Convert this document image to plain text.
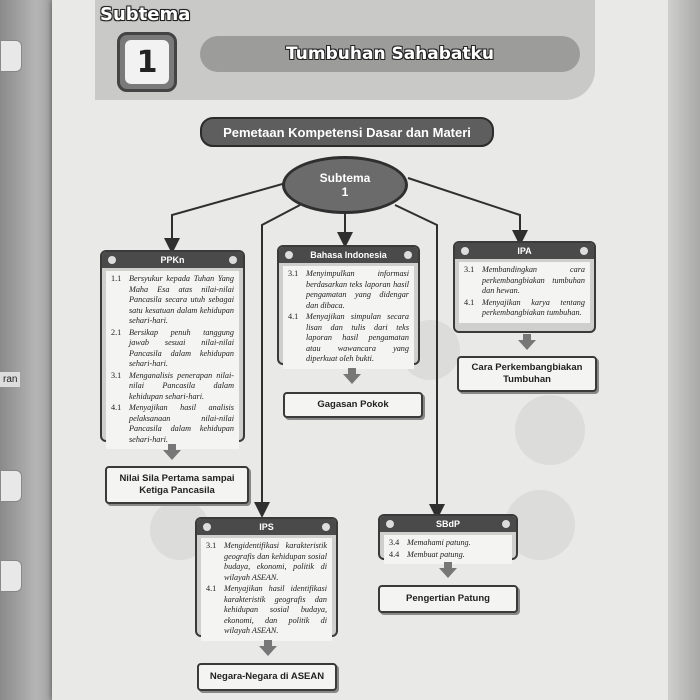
ran
Subtema
1	Tumbuhan Sahabatku
Pemetaan Kompetensi Dasar dan Materi
Subtema
1
PPKn
1.1 Bersyukur kepada Tuhan Yang Maha Esa atas nilai-nilai Pancasila secara utuh sebagai satu kesatuan dalam kehidupan sehari-hari.
2.1 Bersikap penuh tanggung jawab sesuai nilai-nilai Pancasila dalam kehidupan sehari-hari.
3.1 Menganalisis penerapan nilai-nilai Pancasila dalam kehidupan sehari-hari.
4.1 Menyajikan hasil analisis pelaksanaan nilai-nilai Pancasila dalam kehidupan sehari-hari.
Nilai Sila Pertama sampai Ketiga Pancasila
Bahasa Indonesia
3.1 Menyimpulkan informasi berdasarkan teks laporan hasil pengamatan yang didengar dan dibaca.
4.1 Menyajikan simpulan secara lisan dan tulis dari teks laporan hasil pengamatan atau wawancara yang diperkuat oleh bukti.
Gagasan Pokok
IPA
3.1 Membandingkan cara perkembangbiakan tumbuhan dan hewan.
4.1 Menyajikan karya tentang perkembangbiakan tumbuhan.
Cara Perkembangbiakan Tumbuhan
IPS
3.1 Mengidentifikasi karakteristik geografis dan kehidupan sosial budaya, ekonomi, politik di wilayah ASEAN.
4.1 Menyajikan hasil identifikasi karakteristik geografis dan kehidupan sosial budaya, ekonomi, dan politik di wilayah ASEAN.
Negara-Negara di ASEAN
SBdP
3.4 Memahami patung.
4.4 Membuat patung.
Pengertian Patung
